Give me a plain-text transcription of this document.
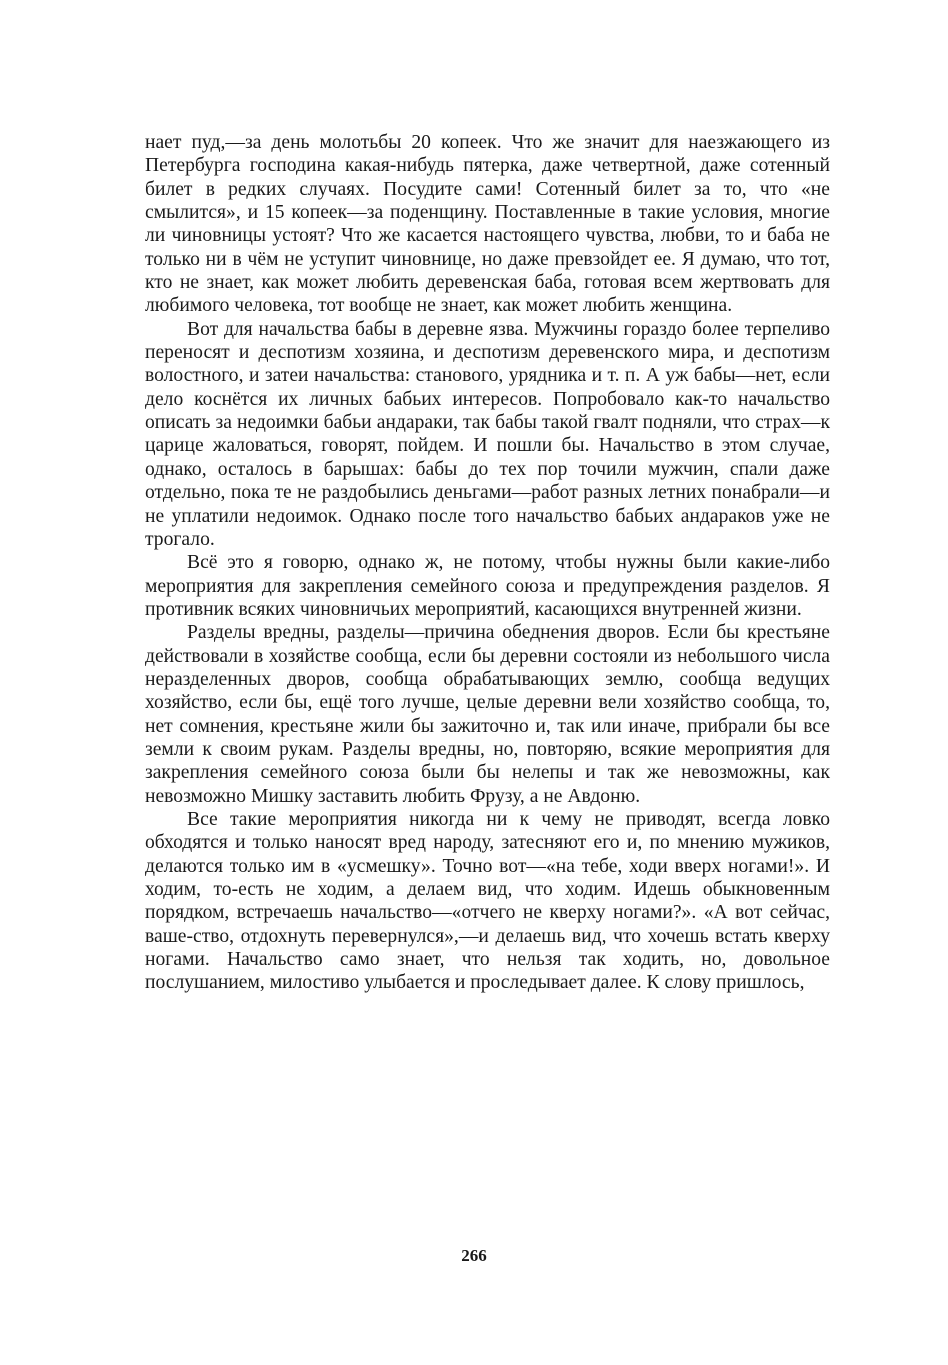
нает пуд,—за день молотьбы 20 копеек. Что же значит для наезжающего из Петербурга господина какая-нибудь пятерка, даже четвертной, даже сотенный билет в редких случаях. Посудите сами! Сотенный билет за то, что «не смылится», и 15 копеек—за поденщину. Поставленные в такие условия, многие ли чиновницы устоят? Что же касается настоящего чувства, любви, то и баба не только ни в чём не уступит чиновнице, но даже превзойдет ее. Я думаю, что тот, кто не знает, как может любить деревенская баба, готовая всем жертвовать для любимого человека, тот вообще не знает, как может любить женщина.

Вот для начальства бабы в деревне язва. Мужчины гораздо более терпеливо переносят и деспотизм хозяина, и деспотизм деревенского мира, и деспотизм волостного, и затеи начальства: станового, урядника и т. п. А уж бабы—нет, если дело коснётся их личных бабьих интересов. Попробовало как-то начальство описать за недоимки бабьи андараки, так бабы такой гвалт подняли, что страх—к царице жаловаться, говорят, пойдем. И пошли бы. Начальство в этом случае, однако, осталось в барышах: бабы до тех пор точили мужчин, спали даже отдельно, пока те не раздобылись деньгами—работ разных летних понабрали—и не уплатили недоимок. Однако после того начальство бабьих андараков уже не трогало.

Всё это я говорю, однако ж, не потому, чтобы нужны были какие-либо мероприятия для закрепления семейного союза и предупреждения разделов. Я противник всяких чиновничьих мероприятий, касающихся внутренней жизни.

Разделы вредны, разделы—причина обеднения дворов. Если бы крестьяне действовали в хозяйстве сообща, если бы деревни состояли из небольшого числа неразделенных дворов, сообща обрабатывающих землю, сообща ведущих хозяйство, если бы, ещё того лучше, целые деревни вели хозяйство сообща, то, нет сомнения, крестьяне жили бы зажиточно и, так или иначе, прибрали бы все земли к своим рукам. Разделы вредны, но, повторяю, всякие мероприятия для закрепления семейного союза были бы нелепы и так же невозможны, как невозможно Мишку заставить любить Фрузу, а не Авдоню.

Все такие мероприятия никогда ни к чему не приводят, всегда ловко обходятся и только наносят вред народу, затесняют его и, по мнению мужиков, делаются только им в «усмешку». Точно вот—«на тебе, ходи вверх ногами!». И ходим, то-есть не ходим, а делаем вид, что ходим. Идешь обыкновенным порядком, встречаешь начальство—«отчего не кверху ногами?». «А вот сейчас, ваше-ство, отдохнуть перевернулся»,—и делаешь вид, что хочешь встать кверху ногами. Начальство само знает, что нельзя так ходить, но, довольное послушанием, милостиво улыбается и проследывает далее. К слову пришлось,

266
